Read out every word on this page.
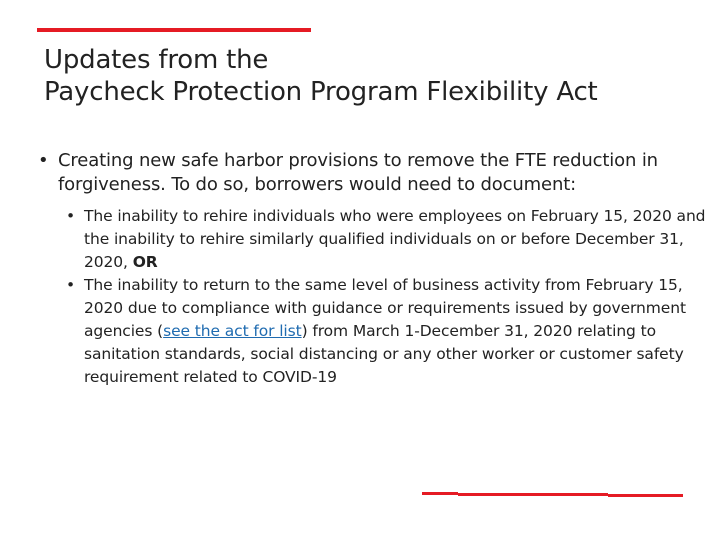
Updates from the
Paycheck Protection Program Flexibility Act
• Creating new safe harbor provisions to remove the FTE reduction in forgiveness. To do so, borrowers would need to document:
• The inability to rehire individuals who were employees on February 15, 2020 and the inability to rehire similarly qualified individuals on or before December 31, 2020, OR
• The inability to return to the same level of business activity from February 15, 2020 due to compliance with guidance or requirements issued by government agencies (see the act for list) from March 1-December 31, 2020 relating to sanitation standards, social distancing or any other worker or customer safety requirement related to COVID-19
